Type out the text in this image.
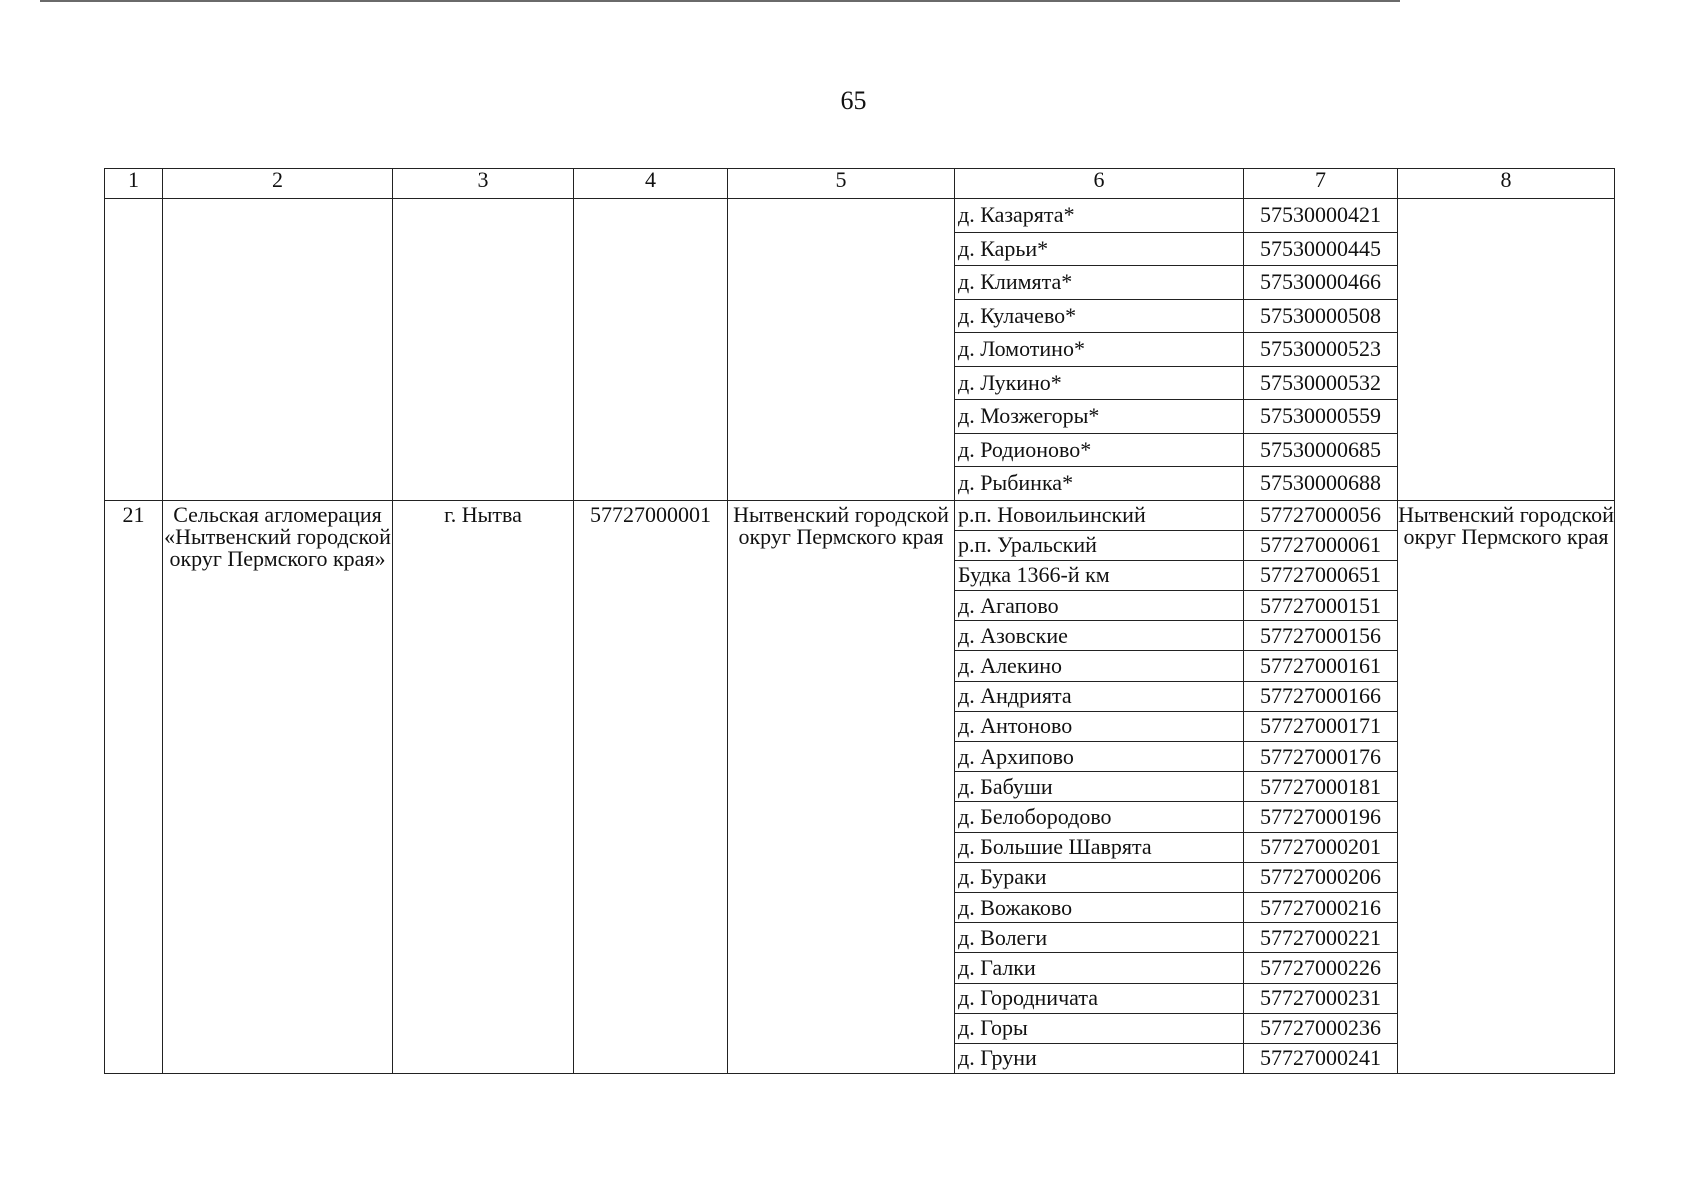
65
1	2	3	4	5	6	7	8
					д. Казарята*	57530000421	
					д. Карьи*	57530000445	
					д. Климята*	57530000466	
					д. Кулачево*	57530000508	
					д. Ломотино*	57530000523	
					д. Лукино*	57530000532	
					д. Мозжегоры*	57530000559	
					д. Родионово*	57530000685	
					д. Рыбинка*	57530000688	
21	Сельская агломерация «Нытвенский городской округ Пермского края»	г. Нытва	57727000001	Нытвенский городской округ Пермского края	р.п. Новоильинский	57727000056	Нытвенский городской округ Пермского края
					р.п. Уральский	57727000061	
					Будка 1366-й км	57727000651	
					д. Агапово	57727000151	
					д. Азовские	57727000156	
					д. Алекино	57727000161	
					д. Андрията	57727000166	
					д. Антоново	57727000171	
					д. Архипово	57727000176	
					д. Бабуши	57727000181	
					д. Белобородово	57727000196	
					д. Большие Шаврята	57727000201	
					д. Бураки	57727000206	
					д. Вожаково	57727000216	
					д. Волеги	57727000221	
					д. Галки	57727000226	
					д. Городничата	57727000231	
					д. Горы	57727000236	
					д. Груни	57727000241	
